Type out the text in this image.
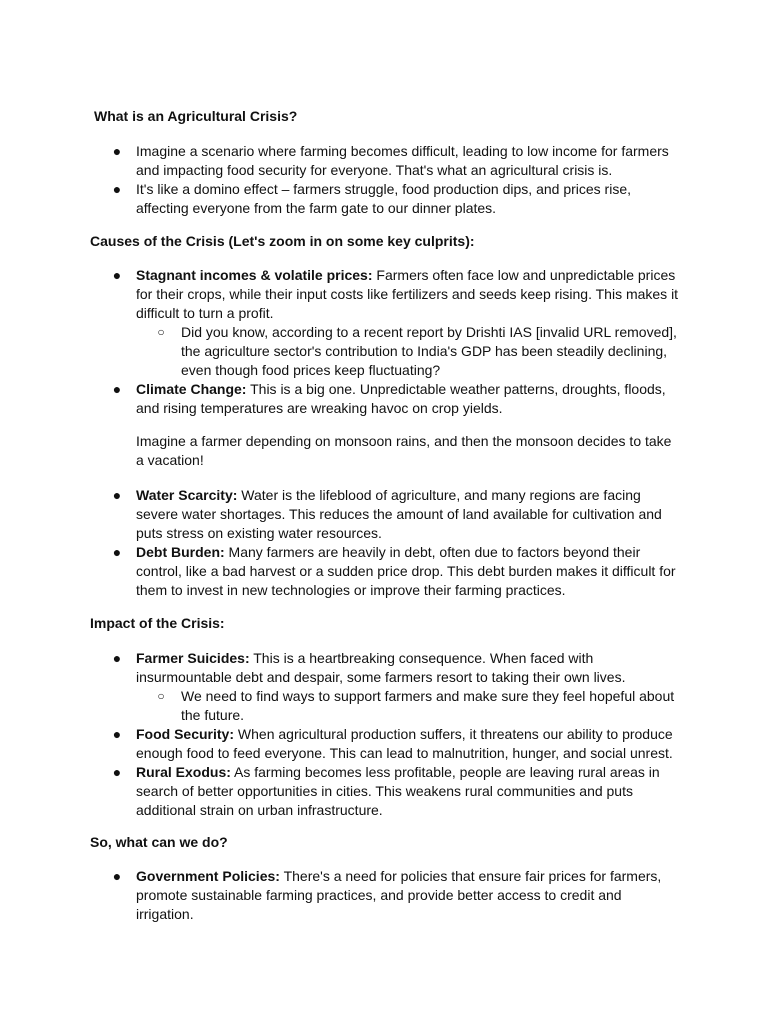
What is an Agricultural Crisis?

● Imagine a scenario where farming becomes difficult, leading to low income for farmers and impacting food security for everyone. That's what an agricultural crisis is.
● It's like a domino effect – farmers struggle, food production dips, and prices rise, affecting everyone from the farm gate to our dinner plates.

Causes of the Crisis (Let's zoom in on some key culprits):

● Stagnant incomes & volatile prices: Farmers often face low and unpredictable prices for their crops, while their input costs like fertilizers and seeds keep rising. This makes it difficult to turn a profit.
○ Did you know, according to a recent report by Drishti IAS [invalid URL removed], the agriculture sector's contribution to India's GDP has been steadily declining, even though food prices keep fluctuating?
● Climate Change: This is a big one. Unpredictable weather patterns, droughts, floods, and rising temperatures are wreaking havoc on crop yields.

Imagine a farmer depending on monsoon rains, and then the monsoon decides to take a vacation!

● Water Scarcity: Water is the lifeblood of agriculture, and many regions are facing severe water shortages. This reduces the amount of land available for cultivation and puts stress on existing water resources.
● Debt Burden: Many farmers are heavily in debt, often due to factors beyond their control, like a bad harvest or a sudden price drop. This debt burden makes it difficult for them to invest in new technologies or improve their farming practices.

Impact of the Crisis:

● Farmer Suicides: This is a heartbreaking consequence. When faced with insurmountable debt and despair, some farmers resort to taking their own lives.
○ We need to find ways to support farmers and make sure they feel hopeful about the future.
● Food Security: When agricultural production suffers, it threatens our ability to produce enough food to feed everyone. This can lead to malnutrition, hunger, and social unrest.
● Rural Exodus: As farming becomes less profitable, people are leaving rural areas in search of better opportunities in cities. This weakens rural communities and puts additional strain on urban infrastructure.

So, what can we do?

● Government Policies: There's a need for policies that ensure fair prices for farmers, promote sustainable farming practices, and provide better access to credit and irrigation.
